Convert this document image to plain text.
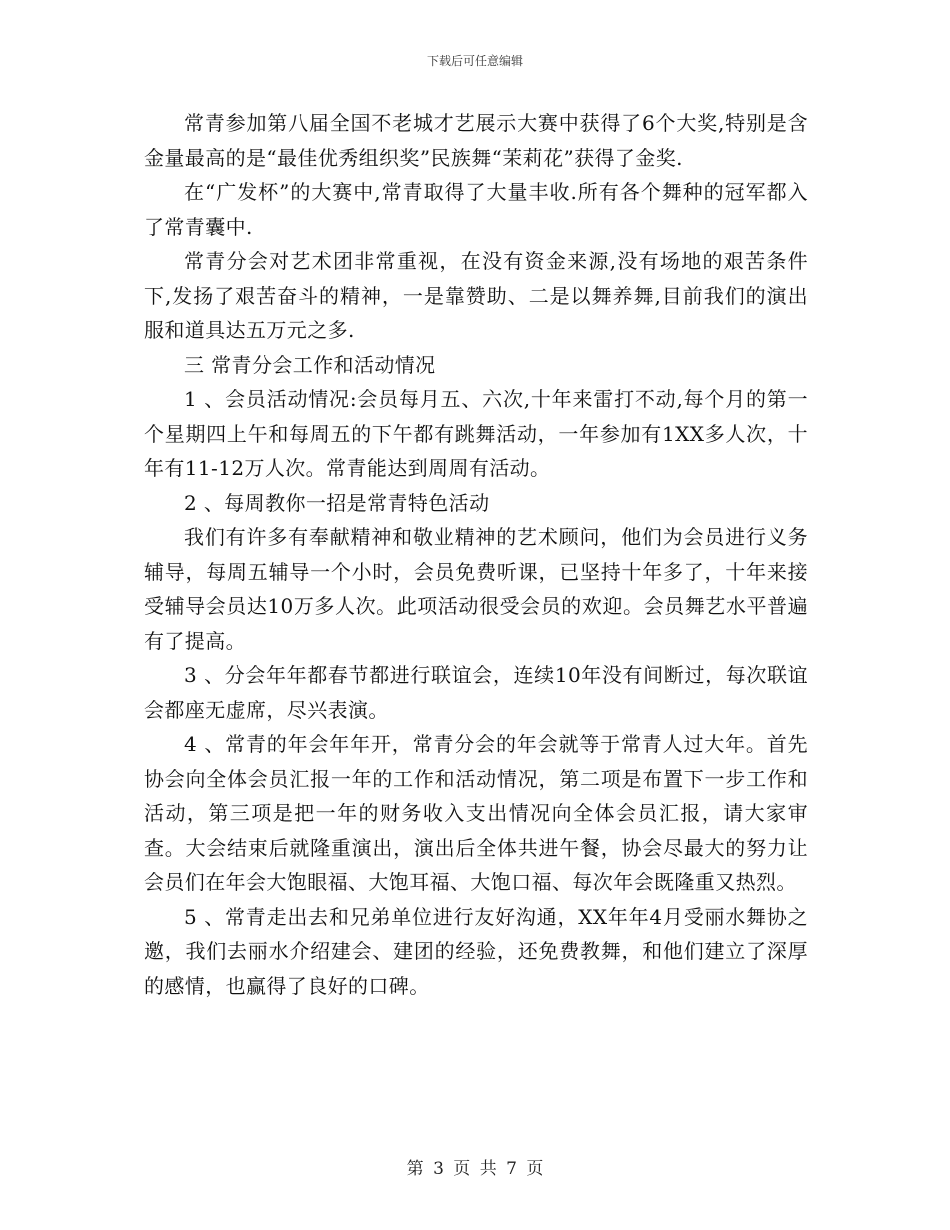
下载后可任意编辑

常青参加第八届全国不老城才艺展示大赛中获得了6个大奖,特别是含金量最高的是“最佳优秀组织奖”民族舞“茉莉花”获得了金奖.

在“广发杯”的大赛中,常青取得了大量丰收.所有各个舞种的冠军都入了常青囊中.

常青分会对艺术团非常重视，在没有资金来源,没有场地的艰苦条件下,发扬了艰苦奋斗的精神，一是靠赞助、二是以舞养舞,目前我们的演出服和道具达五万元之多.

三 常青分会工作和活动情况

1 、会员活动情况:会员每月五、六次,十年来雷打不动,每个月的第一个星期四上午和每周五的下午都有跳舞活动，一年参加有1XX多人次，十年有11-12万人次。常青能达到周周有活动。

2 、每周教你一招是常青特色活动

我们有许多有奉献精神和敬业精神的艺术顾问，他们为会员进行义务辅导，每周五辅导一个小时，会员免费听课，已坚持十年多了，十年来接受辅导会员达10万多人次。此项活动很受会员的欢迎。会员舞艺水平普遍有了提高。

3 、分会年年都春节都进行联谊会，连续10年没有间断过，每次联谊会都座无虚席，尽兴表演。

4 、常青的年会年年开，常青分会的年会就等于常青人过大年。首先协会向全体会员汇报一年的工作和活动情况，第二项是布置下一步工作和活动，第三项是把一年的财务收入支出情况向全体会员汇报，请大家审查。大会结束后就隆重演出，演出后全体共进午餐，协会尽最大的努力让会员们在年会大饱眼福、大饱耳福、大饱口福、每次年会既隆重又热烈。

5 、常青走出去和兄弟单位进行友好沟通，XX年年4月受丽水舞协之邀，我们去丽水介绍建会、建团的经验，还免费教舞，和他们建立了深厚的感情，也赢得了良好的口碑。

第 3 页 共 7 页
